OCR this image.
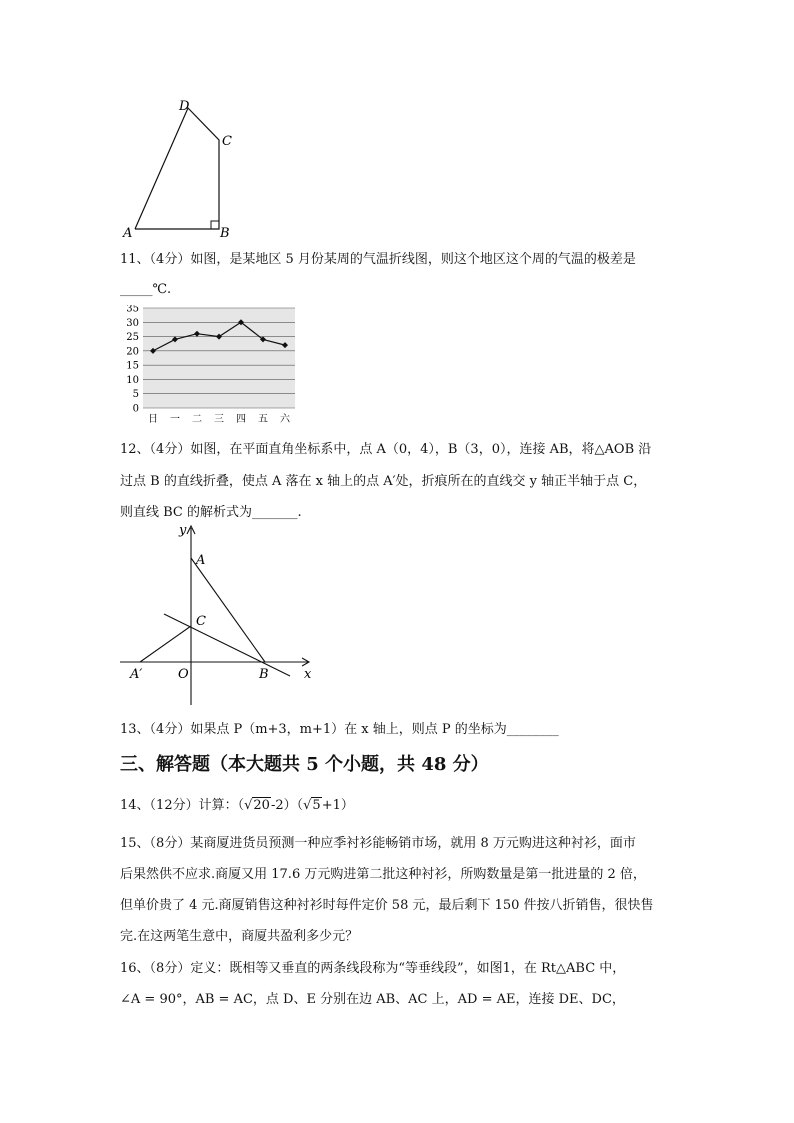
D
C
A	B
11、（4分）如图，是某地区 5 月份某周的气温折线图，则这个地区这个周的气温的极差是
_____℃.
35
30
25
20
15
10
5
0
日 一 二 三 四 五 六
12、（4分）如图，在平面直角坐标系中，点 A（0，4），B（3，0），连接 AB，将△AOB 沿
过点 B 的直线折叠，使点 A 落在 x 轴上的点 A′处，折痕所在的直线交 y 轴正半轴于点 C，
则直线 BC 的解析式为_______.
y
A
C
O	B
A′	x
13、（4分）如果点 P（m+3，m+1）在 x 轴上，则点 P 的坐标为________
三、解答题（本大题共 5 个小题，共 48 分）
14、（12分）计算：（√20-2）（√5+1）
15、（8分）某商厦进货员预测一种应季衬衫能畅销市场，就用 8 万元购进这种衬衫，面市
后果然供不应求.商厦又用 17.6 万元购进第二批这种衬衫，所购数量是第一批进量的 2 倍，
但单价贵了 4 元.商厦销售这种衬衫时每件定价 58 元，最后剩下 150 件按八折销售，很快售
完.在这两笔生意中，商厦共盈利多少元？
16、（8分）定义：既相等又垂直的两条线段称为“等垂线段”，如图1，在 Rt△ABC 中，
∠A = 90°，AB = AC，点 D、E 分别在边 AB、AC 上，AD = AE，连接 DE、DC，
